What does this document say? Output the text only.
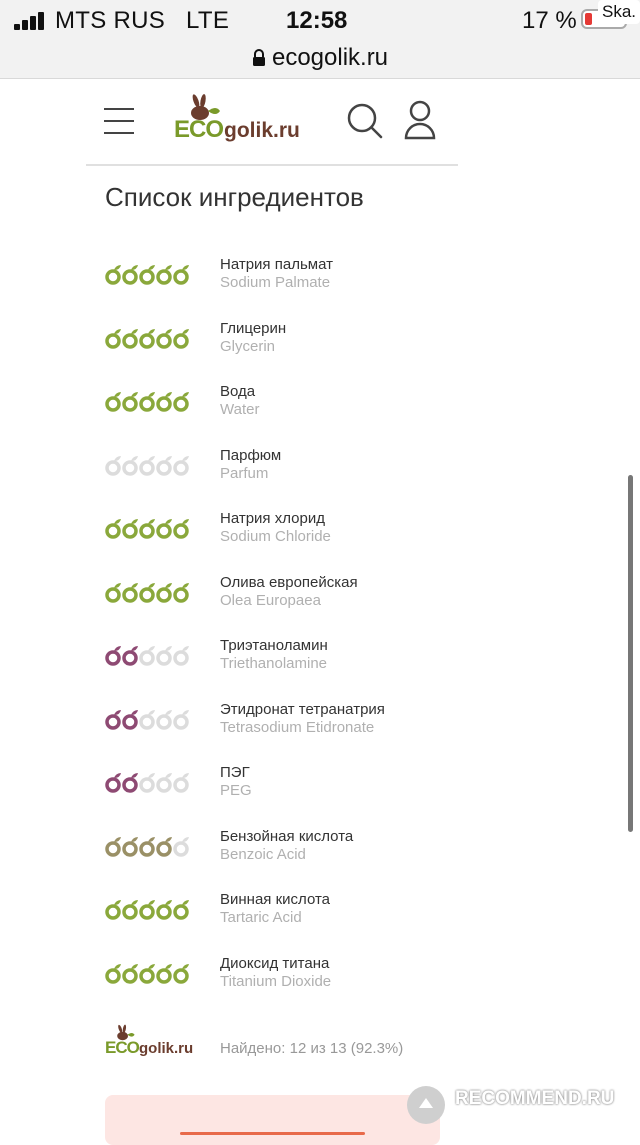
MTS RUS   LTE 12:58	17 % Ska.
ecogolik.ru
ECO golik.ru
Список ингредиентов
Натрия пальмат
Sodium Palmate
Глицерин
Glycerin
Вода
Water
Парфюм
Parfum
Натрия хлорид
Sodium Chloride
Олива европейская
Olea Europaea
Триэтаноламин
Triethanolamine
Этидронат тетранатрия
Tetrasodium Etidronate
ПЭГ
PEG
Бензойная кислота
Benzoic Acid
Винная кислота
Tartaric Acid
Диоксид титана
Titanium Dioxide
ECO golik.ru Найдено: 12 из 13 (92.3%)
RECOMMEND.RU
